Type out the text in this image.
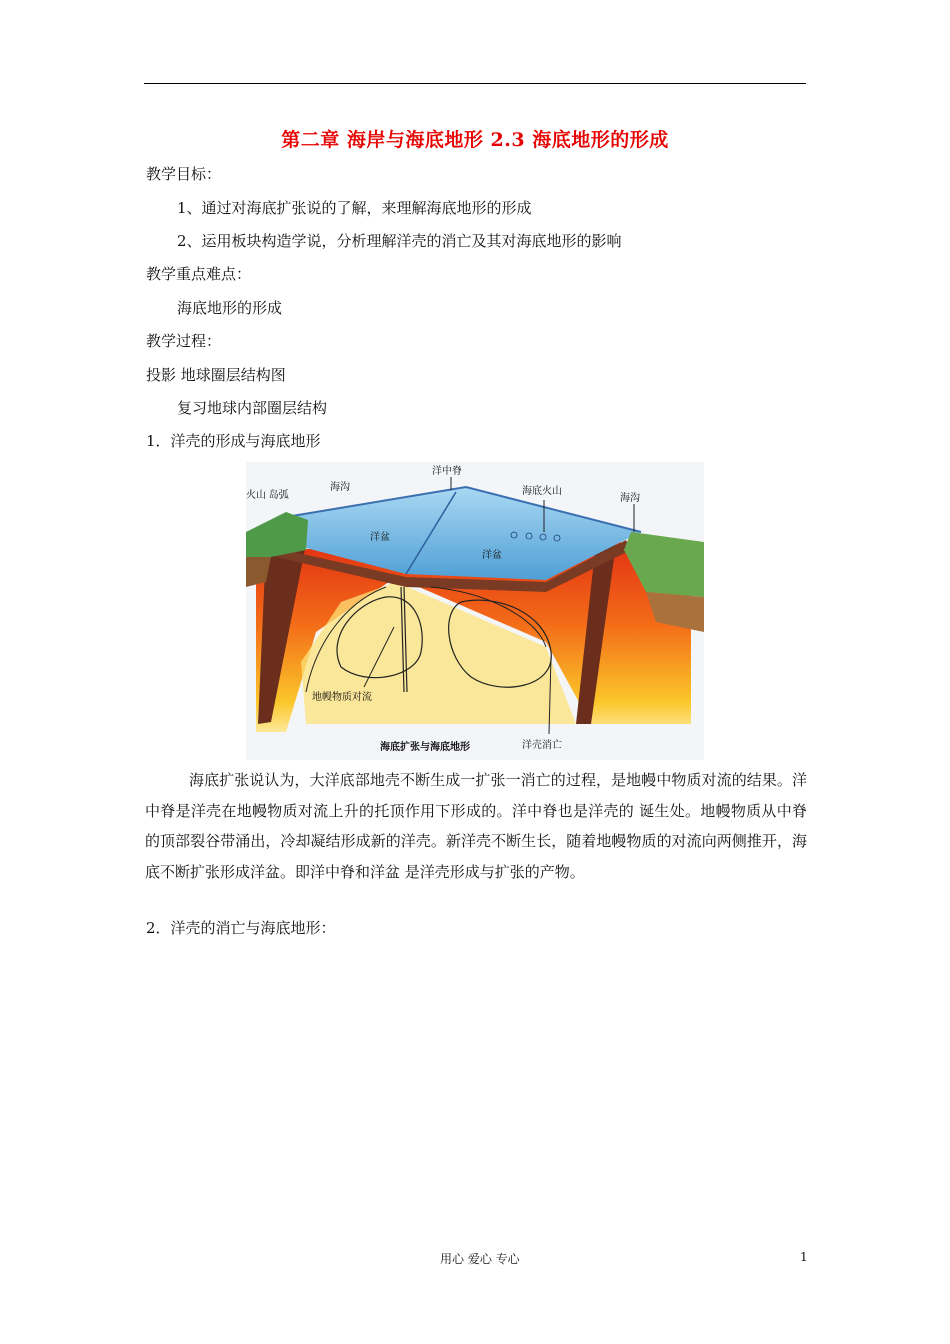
第二章 海岸与海底地形 2.3 海底地形的形成
教学目标：
1、通过对海底扩张说的了解，来理解海底地形的形成
2、运用板块构造学说，分析理解洋壳的消亡及其对海底地形的影响
教学重点难点：
海底地形的形成
教学过程：
投影 地球圈层结构图
复习地球内部圈层结构
1．洋壳的形成与海底地形
火山 岛弧
海沟
洋中脊
海底火山
海沟
洋盆
洋盆
地幔物质对流
洋壳消亡
海底扩张与海底地形
海底扩张说认为，大洋底部地壳不断生成一扩张一消亡的过程，是地幔中物质对流的结果。洋中脊是洋壳在地幔物质对流上升的托顶作用下形成的。洋中脊也是洋壳的 诞生处。地幔物质从中脊的顶部裂谷带涌出，冷却凝结形成新的洋壳。新洋壳不断生长，随着地幔物质的对流向两侧推开，海底不断扩张形成洋盆。即洋中脊和洋盆 是洋壳形成与扩张的产物。
2．洋壳的消亡与海底地形：
用心 爱心 专心	1
